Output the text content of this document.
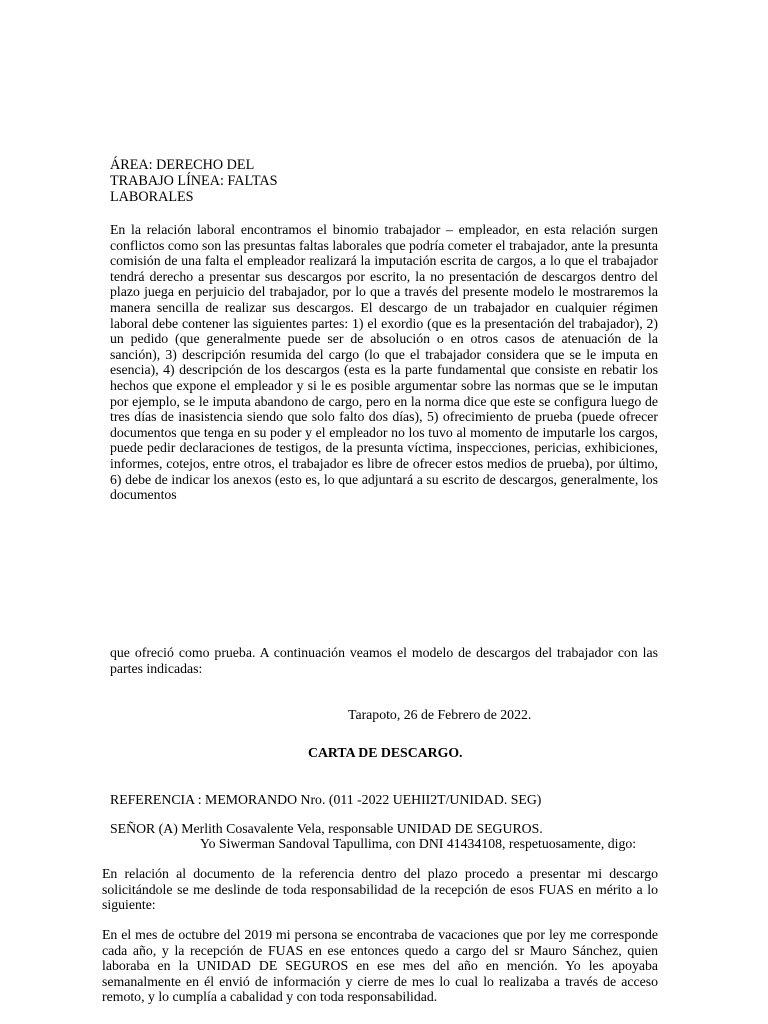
ÁREA: DERECHO DEL
TRABAJO LÍNEA: FALTAS
LABORALES

En la relación laboral encontramos el binomio trabajador – empleador, en esta relación surgen conflictos como son las presuntas faltas laborales que podría cometer el trabajador, ante la presunta comisión de una falta el empleador realizará la imputación escrita de cargos, a lo que el trabajador tendrá derecho a presentar sus descargos por escrito, la no presentación de descargos dentro del plazo juega en perjuicio del trabajador, por lo que a través del presente modelo le mostraremos la manera sencilla de realizar sus descargos. El descargo de un trabajador en cualquier régimen laboral debe contener las siguientes partes: 1) el exordio (que es la presentación del trabajador), 2) un pedido (que generalmente puede ser de absolución o en otros casos de atenuación de la sanción), 3) descripción resumida del cargo (lo que el trabajador considera que se le imputa en esencia), 4) descripción de los descargos (esta es la parte fundamental que consiste en rebatir los hechos que expone el empleador y si le es posible argumentar sobre las normas que se le imputan por ejemplo, se le imputa abandono de cargo, pero en la norma dice que este se configura luego de tres días de inasistencia siendo que solo falto dos días), 5) ofrecimiento de prueba (puede ofrecer documentos que tenga en su poder y el empleador no los tuvo al momento de imputarle los cargos, puede pedir declaraciones de testigos, de la presunta víctima, inspecciones, pericias, exhibiciones, informes, cotejos, entre otros, el trabajador es libre de ofrecer estos medios de prueba), por último, 6) debe de indicar los anexos (esto es, lo que adjuntará a su escrito de descargos, generalmente, los documentos

que ofreció como prueba. A continuación veamos el modelo de descargos del trabajador con las partes indicadas:

Tarapoto, 26 de Febrero de 2022.
CARTA DE DESCARGO.
REFERENCIA : MEMORANDO Nro. (011 -2022 UEHII2T/UNIDAD. SEG)
SEÑOR (A) Merlith Cosavalente Vela, responsable UNIDAD DE SEGUROS.
Yo Siwerman Sandoval Tapullima, con DNI 41434108, respetuosamente, digo:

En relación al documento de la referencia dentro del plazo procedo a presentar mi descargo solicitándole se me deslinde de toda responsabilidad de la recepción de esos FUAS en mérito a lo siguiente:

En el mes de octubre del 2019 mi persona se encontraba de vacaciones que por ley me corresponde cada año, y la recepción de FUAS en ese entonces quedo a cargo del sr Mauro Sánchez, quien laboraba en la UNIDAD DE SEGUROS en ese mes del año en mención. Yo les apoyaba semanalmente en él envió de información y cierre de mes lo cual lo realizaba a través de acceso remoto, y lo cumplía a cabalidad y con toda responsabilidad.
